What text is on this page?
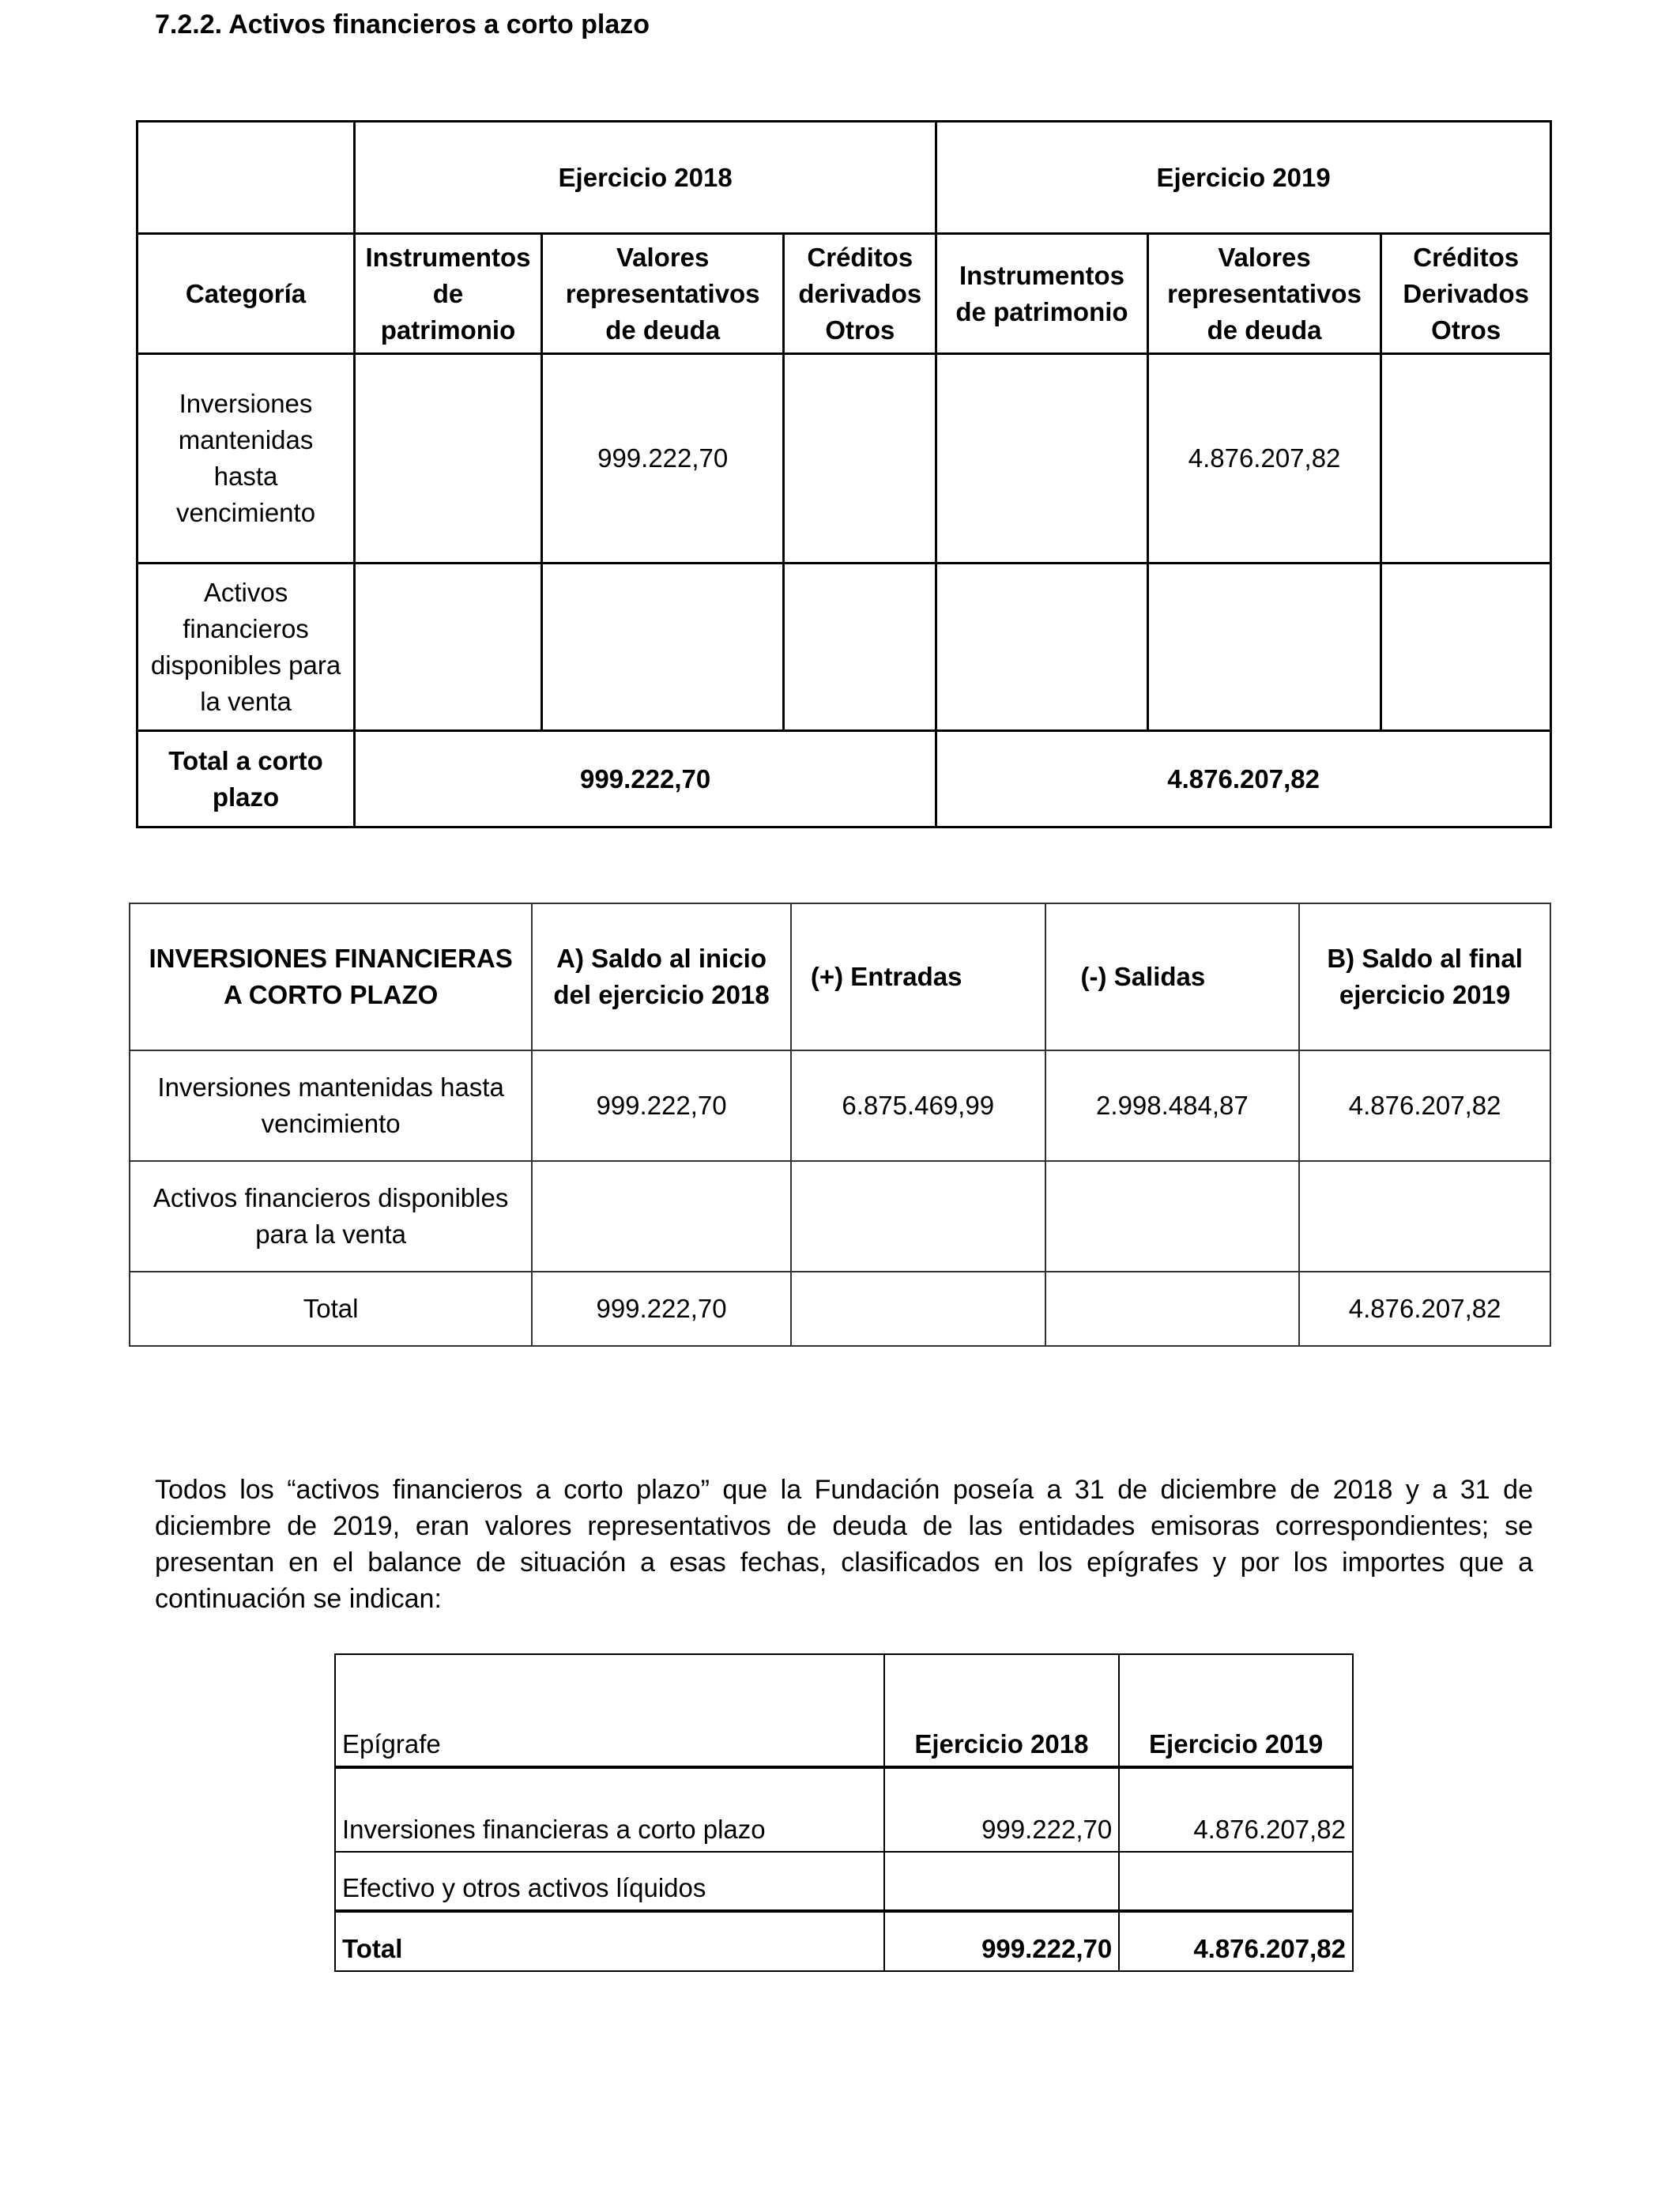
7.2.2. Activos financieros a corto plazo
	Ejercicio 2018			Ejercicio 2019		
Categoría	Instrumentos de patrimonio	Valores representativos de deuda	Créditos derivados Otros	Instrumentos de patrimonio	Valores representativos de deuda	Créditos Derivados Otros
Inversiones mantenidas hasta vencimiento		999.222,70			4.876.207,82	
Activos financieros disponibles para la venta						
Total a corto plazo	999.222,70			4.876.207,82		
INVERSIONES FINANCIERAS A CORTO PLAZO	A) Saldo al inicio del ejercicio 2018	(+) Entradas	(-) Salidas	B) Saldo al final ejercicio 2019
Inversiones mantenidas hasta vencimiento	999.222,70	6.875.469,99	2.998.484,87	4.876.207,82
Activos financieros disponibles para la venta				
Total	999.222,70			4.876.207,82

Todos los “activos financieros a corto plazo” que la Fundación poseía a 31 de diciembre de 2018 y a 31 de diciembre de 2019, eran valores representativos de deuda de las entidades emisoras correspondientes; se presentan en el balance de situación a esas fechas, clasificados en los epígrafes y por los importes que a continuación se indican:

Epígrafe	Ejercicio 2018	Ejercicio 2019
Inversiones financieras a corto plazo	999.222,70	4.876.207,82
Efectivo y otros activos líquidos		
Total	999.222,70	4.876.207,82
